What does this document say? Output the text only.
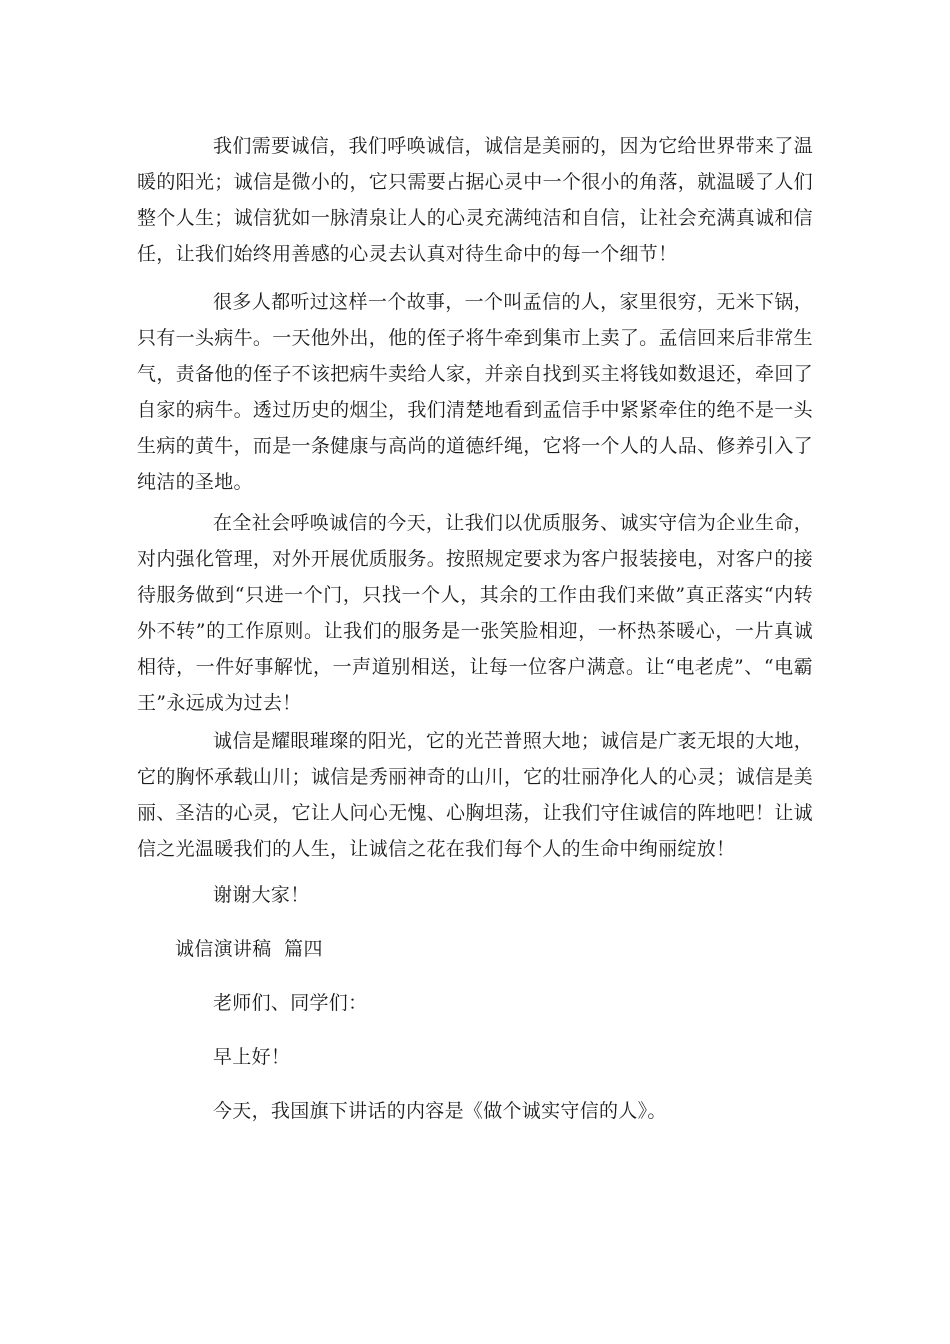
我们需要诚信，我们呼唤诚信，诚信是美丽的，因为它给世界带来了温暖的阳光；诚信是微小的，它只需要占据心灵中一个很小的角落，就温暖了人们整个人生；诚信犹如一脉清泉让人的心灵充满纯洁和自信，让社会充满真诚和信任，让我们始终用善感的心灵去认真对待生命中的每一个细节！

很多人都听过这样一个故事，一个叫孟信的人，家里很穷，无米下锅，只有一头病牛。一天他外出，他的侄子将牛牵到集市上卖了。孟信回来后非常生气，责备他的侄子不该把病牛卖给人家，并亲自找到买主将钱如数退还，牵回了自家的病牛。透过历史的烟尘，我们清楚地看到孟信手中紧紧牵住的绝不是一头生病的黄牛，而是一条健康与高尚的道德纤绳，它将一个人的人品、修养引入了纯洁的圣地。

在全社会呼唤诚信的今天，让我们以优质服务、诚实守信为企业生命，对内强化管理，对外开展优质服务。按照规定要求为客户报装接电，对客户的接待服务做到“只进一个门，只找一个人，其余的工作由我们来做”真正落实“内转外不转”的工作原则。让我们的服务是一张笑脸相迎，一杯热茶暖心，一片真诚相待，一件好事解忧，一声道别相送，让每一位客户满意。让“电老虎”、“电霸王”永远成为过去！

诚信是耀眼璀璨的阳光，它的光芒普照大地；诚信是广袤无垠的大地，它的胸怀承载山川；诚信是秀丽神奇的山川，它的壮丽净化人的心灵；诚信是美丽、圣洁的心灵，它让人问心无愧、心胸坦荡，让我们守住诚信的阵地吧！让诚信之光温暖我们的人生，让诚信之花在我们每个人的生命中绚丽绽放！

谢谢大家！

诚信演讲稿  篇四

老师们、同学们：

早上好！

今天，我国旗下讲话的内容是《做个诚实守信的人》。
